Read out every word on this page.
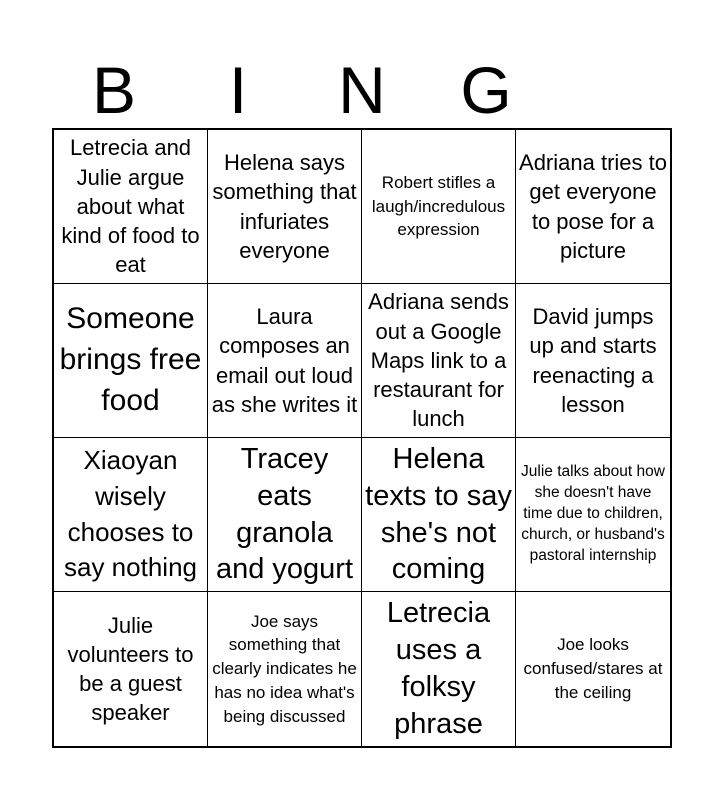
B	I	N	G
Letrecia and Julie argue about what kind of food to eat
Helena says something that infuriates everyone
Robert stifles a laugh/incredulous expression
Adriana tries to get everyone to pose for a picture
Someone brings free food
Laura composes an email out loud as she writes it
Adriana sends out a Google Maps link to a restaurant for lunch
David jumps up and starts reenacting a lesson
Xiaoyan wisely chooses to say nothing
Tracey eats granola and yogurt
Helena texts to say she's not coming
Julie talks about how she doesn't have time due to children, church, or husband's pastoral internship
Julie volunteers to be a guest speaker
Joe says something that clearly indicates he has no idea what's being discussed
Letrecia uses a folksy phrase
Joe looks confused/stares at the ceiling
